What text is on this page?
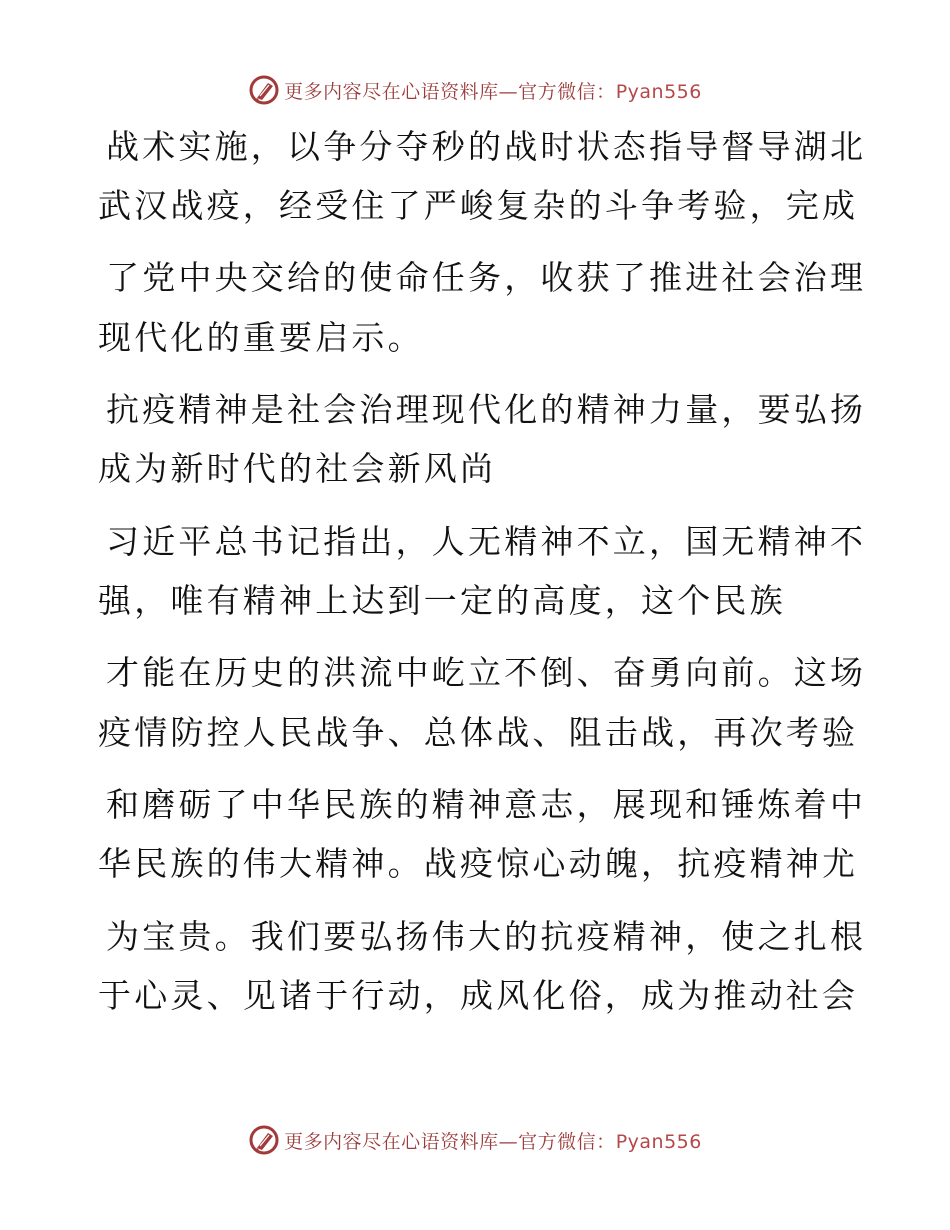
更多内容尽在心语资料库—官方微信：Pyan556
战术实施，以争分夺秒的战时状态指导督导湖北
武汉战疫，经受住了严峻复杂的斗争考验，完成
了党中央交给的使命任务，收获了推进社会治理
现代化的重要启示。
抗疫精神是社会治理现代化的精神力量，要弘扬
成为新时代的社会新风尚
习近平总书记指出，人无精神不立，国无精神不
强，唯有精神上达到一定的高度，这个民族
才能在历史的洪流中屹立不倒、奋勇向前。这场
疫情防控人民战争、总体战、阻击战，再次考验
和磨砺了中华民族的精神意志，展现和锤炼着中
华民族的伟大精神。战疫惊心动魄，抗疫精神尤
为宝贵。我们要弘扬伟大的抗疫精神，使之扎根
于心灵、见诸于行动，成风化俗，成为推动社会
更多内容尽在心语资料库—官方微信：Pyan556
